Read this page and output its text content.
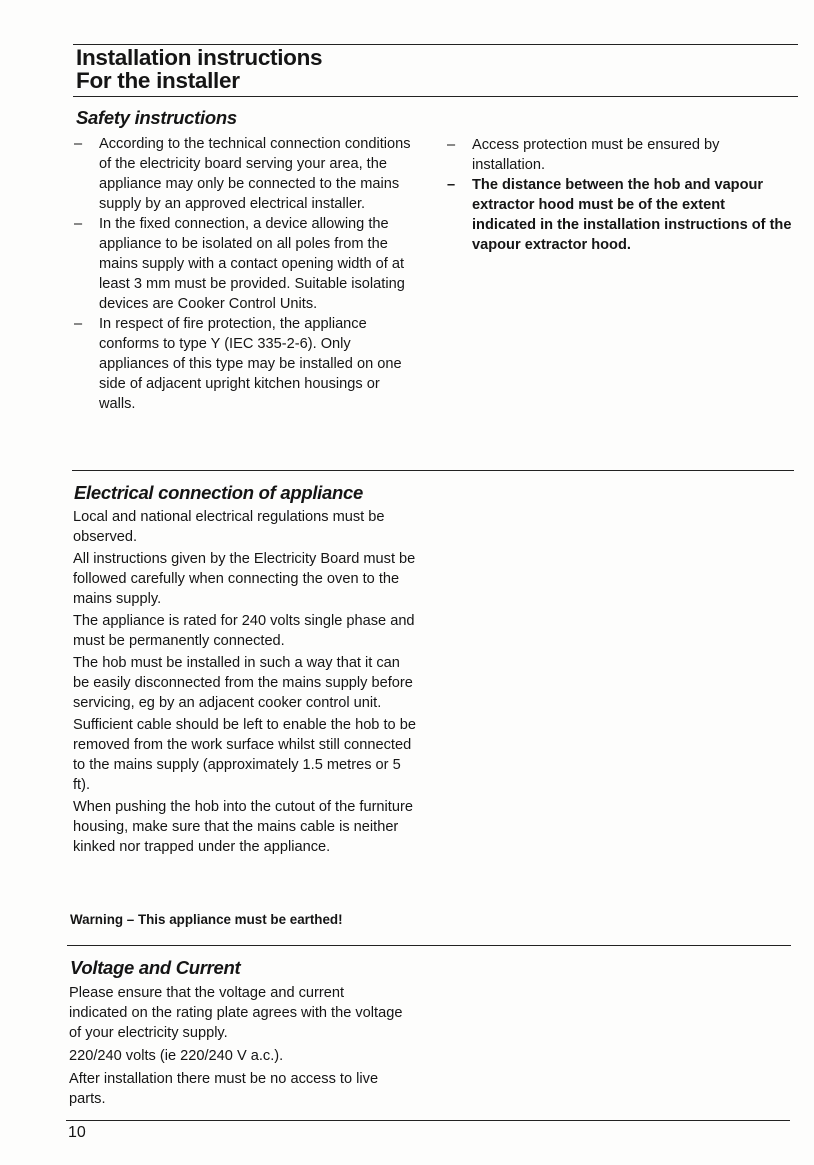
Installation instructions
For the installer
Safety instructions
– According to the technical connection conditions of the electricity board serving your area, the appliance may only be connected to the mains supply by an approved electrical installer.
– In the fixed connection, a device allowing the appliance to be isolated on all poles from the mains supply with a contact opening width of at least 3 mm must be provided. Suitable isolating devices are Cooker Control Units.
– In respect of fire protection, the appliance conforms to type Y (IEC 335-2-6). Only appliances of this type may be installed on one side of adjacent upright kitchen housings or walls.
– Access protection must be ensured by installation.
– The distance between the hob and vapour extractor hood must be of the extent indicated in the installation instructions of the vapour extractor hood.
Electrical connection of appliance

Local and national electrical regulations must be observed.

All instructions given by the Electricity Board must be followed carefully when connecting the oven to the mains supply.

The appliance is rated for 240 volts single phase and must be permanently connected.

The hob must be installed in such a way that it can be easily disconnected from the mains supply before servicing, eg by an adjacent cooker control unit.

Sufficient cable should be left to enable the hob to be removed from the work surface whilst still connected to the mains supply (approximately 1.5 metres or 5 ft).

When pushing the hob into the cutout of the furniture housing, make sure that the mains cable is neither kinked nor trapped under the appliance.

Warning – This appliance must be earthed!
Voltage and Current

Please ensure that the voltage and current indicated on the rating plate agrees with the voltage of your electricity supply.

220/240 volts (ie 220/240 V a.c.).

After installation there must be no access to live parts.

10
